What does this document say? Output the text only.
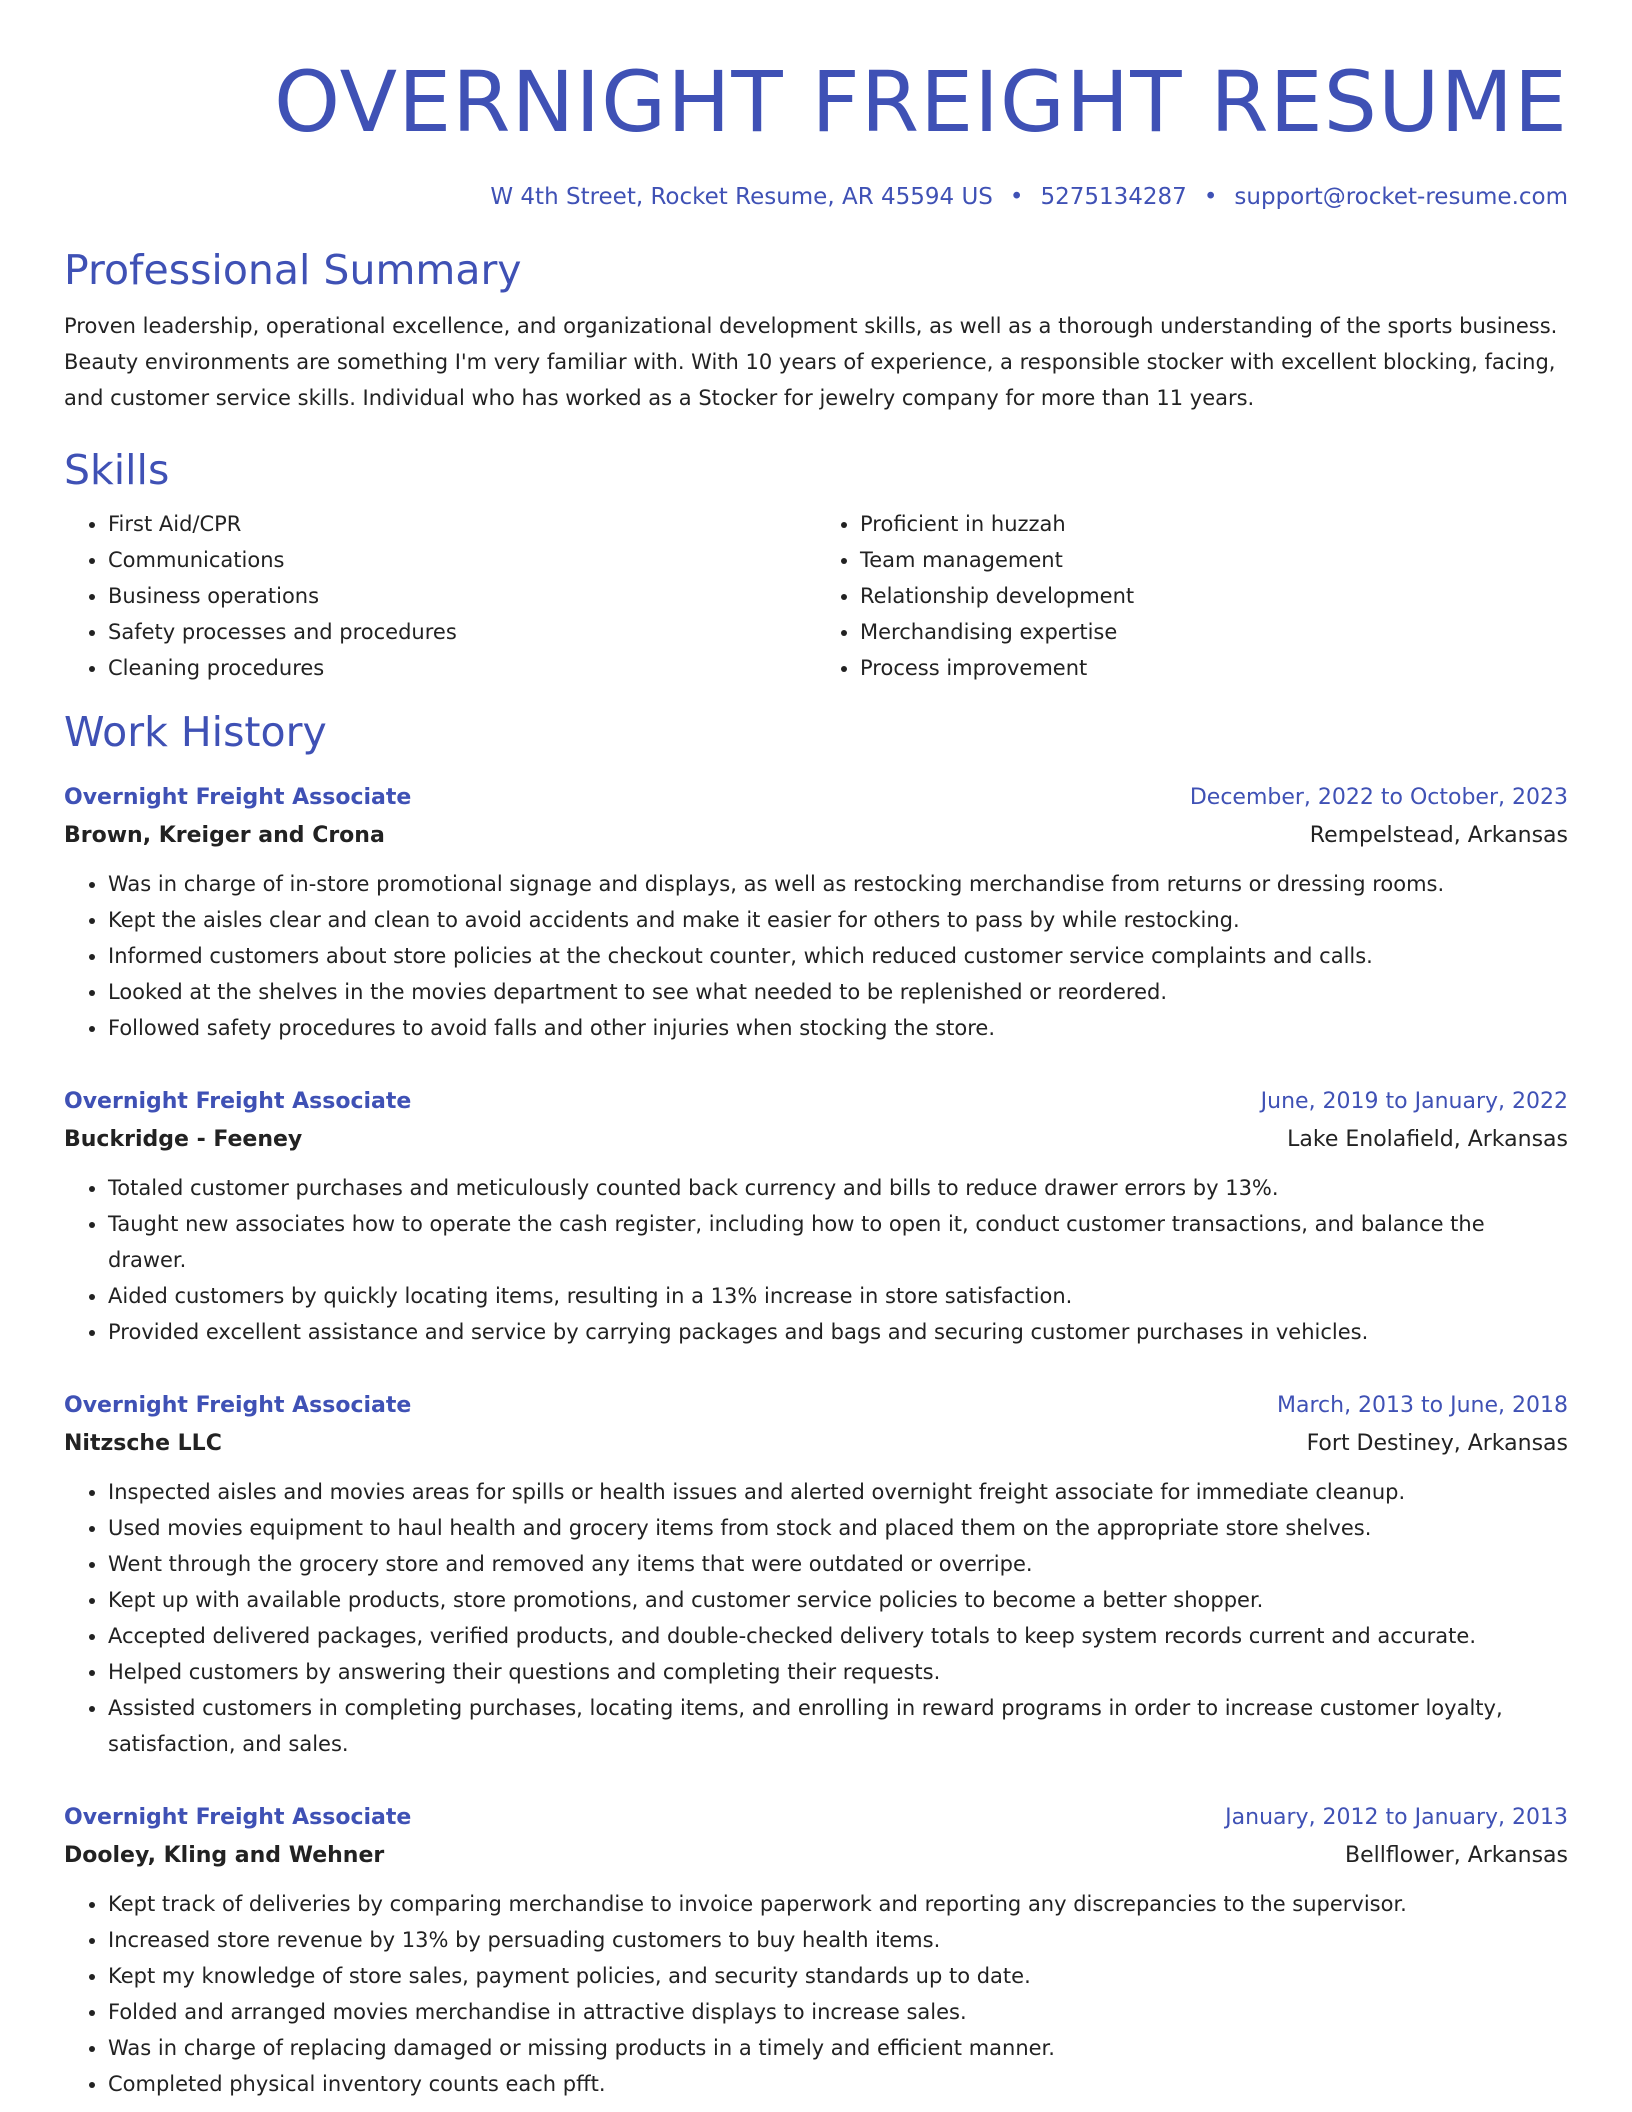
OVERNIGHT FREIGHT RESUME
W 4th Street, Rocket Resume, AR 45594 US • 5275134287 • support@rocket-resume.com
Professional Summary
Proven leadership, operational excellence, and organizational development skills, as well as a thorough understanding of the sports business. Beauty environments are something I'm very familiar with. With 10 years of experience, a responsible stocker with excellent blocking, facing, and customer service skills. Individual who has worked as a Stocker for jewelry company for more than 11 years.
Skills
• First Aid/CPR
• Communications
• Business operations
• Safety processes and procedures
• Cleaning procedures
• Proficient in huzzah
• Team management
• Relationship development
• Merchandising expertise
• Process improvement
Work History
Overnight Freight Associate	December, 2022 to October, 2023
Brown, Kreiger and Crona	Rempelstead, Arkansas
• Was in charge of in-store promotional signage and displays, as well as restocking merchandise from returns or dressing rooms.
• Kept the aisles clear and clean to avoid accidents and make it easier for others to pass by while restocking.
• Informed customers about store policies at the checkout counter, which reduced customer service complaints and calls.
• Looked at the shelves in the movies department to see what needed to be replenished or reordered.
• Followed safety procedures to avoid falls and other injuries when stocking the store.
Overnight Freight Associate	June, 2019 to January, 2022
Buckridge - Feeney	Lake Enolafield, Arkansas
• Totaled customer purchases and meticulously counted back currency and bills to reduce drawer errors by 13%.
• Taught new associates how to operate the cash register, including how to open it, conduct customer transactions, and balance the drawer.
• Aided customers by quickly locating items, resulting in a 13% increase in store satisfaction.
• Provided excellent assistance and service by carrying packages and bags and securing customer purchases in vehicles.
Overnight Freight Associate	March, 2013 to June, 2018
Nitzsche LLC	Fort Destiney, Arkansas
• Inspected aisles and movies areas for spills or health issues and alerted overnight freight associate for immediate cleanup.
• Used movies equipment to haul health and grocery items from stock and placed them on the appropriate store shelves.
• Went through the grocery store and removed any items that were outdated or overripe.
• Kept up with available products, store promotions, and customer service policies to become a better shopper.
• Accepted delivered packages, verified products, and double-checked delivery totals to keep system records current and accurate.
• Helped customers by answering their questions and completing their requests.
• Assisted customers in completing purchases, locating items, and enrolling in reward programs in order to increase customer loyalty, satisfaction, and sales.
Overnight Freight Associate	January, 2012 to January, 2013
Dooley, Kling and Wehner	Bellflower, Arkansas
• Kept track of deliveries by comparing merchandise to invoice paperwork and reporting any discrepancies to the supervisor.
• Increased store revenue by 13% by persuading customers to buy health items.
• Kept my knowledge of store sales, payment policies, and security standards up to date.
• Folded and arranged movies merchandise in attractive displays to increase sales.
• Was in charge of replacing damaged or missing products in a timely and efficient manner.
• Completed physical inventory counts each pfft.
